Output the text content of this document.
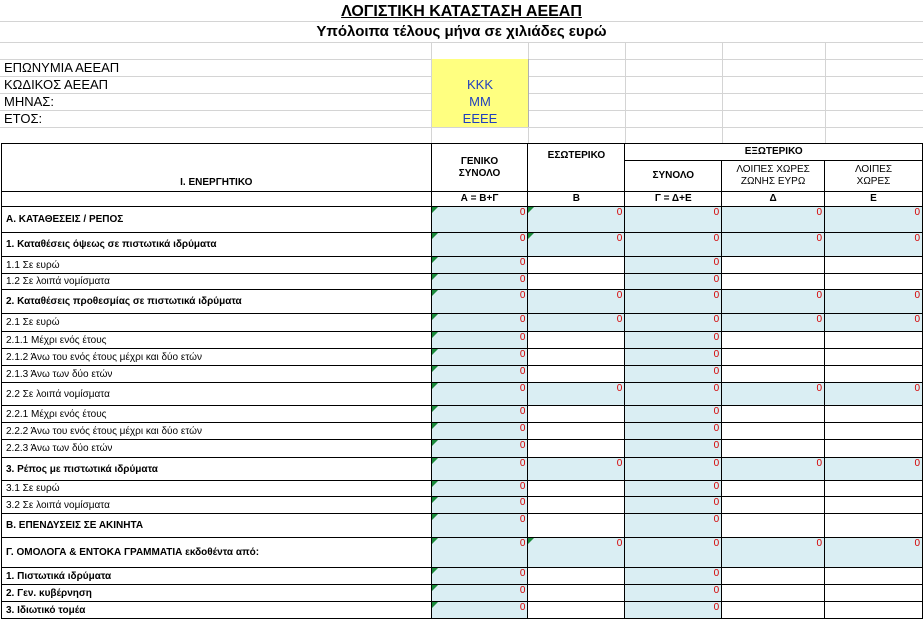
ΛΟΓΙΣΤΙΚΗ ΚΑΤΑΣΤΑΣΗ ΑΕΕΑΠ
Υπόλοιπα τέλους μήνα σε χιλιάδες ευρώ
ΕΠΩΝΥΜΙΑ ΑΕΕΑΠ
ΚΩΔΙΚΟΣ ΑΕΕΑΠ	ΚΚΚ
ΜΗΝΑΣ:	ΜΜ
ΕΤΟΣ:	ΕΕΕΕ
I. ΕΝΕΡΓΗΤΙΚΟ	ΓΕΝΙΚΟ ΣΥΝΟΛΟ	ΕΣΩΤΕΡΙΚΟ	ΕΞΩΤΕΡΙΚΟ		
			ΣΥΝΟΛΟ	ΛΟΙΠΕΣ ΧΩΡΕΣ ΖΩΝΗΣ ΕΥΡΩ	ΛΟΙΠΕΣ ΧΩΡΕΣ
	Α = Β+Γ	Β	Γ = Δ+Ε	Δ	Ε
Α. ΚΑΤΑΘΕΣΕΙΣ / ΡΕΠΟΣ	0	0	0	0	0
1. Καταθέσεις όψεως σε πιστωτικά ιδρύματα	0	0	0	0	0
1.1 Σε ευρώ	0		0		
1.2 Σε λοιπά νομίσματα	0		0		
2. Καταθέσεις προθεσμίας σε πιστωτικά ιδρύματα	0	0	0	0	0
2.1 Σε ευρώ	0	0	0	0	0
2.1.1 Μέχρι ενός έτους	0		0		
2.1.2 Άνω του ενός έτους μέχρι και δύο ετών	0		0		
2.1.3 Άνω των δύο ετών	0		0		
2.2 Σε λοιπά νομίσματα	0	0	0	0	0
2.2.1 Μέχρι ενός έτους	0		0		
2.2.2 Άνω του ενός έτους μέχρι και δύο ετών	0		0		
2.2.3 Άνω των δύο ετών	0		0		
3. Ρέπος με πιστωτικά ιδρύματα	0	0	0	0	0
3.1 Σε ευρώ	0		0		
3.2 Σε λοιπά νομίσματα	0		0		
Β. ΕΠΕΝΔΥΣΕΙΣ ΣΕ ΑΚΙΝΗΤΑ	0		0		
Γ. ΟΜΟΛΟΓΑ & ΕΝΤΟΚΑ ΓΡΑΜΜΑΤΙΑ εκδοθέντα από:	0	0	0	0	0
1. Πιστωτικά ιδρύματα	0		0		
2. Γεν. κυβέρνηση	0		0		
3. Ιδιωτικό τομέα	0		0		
